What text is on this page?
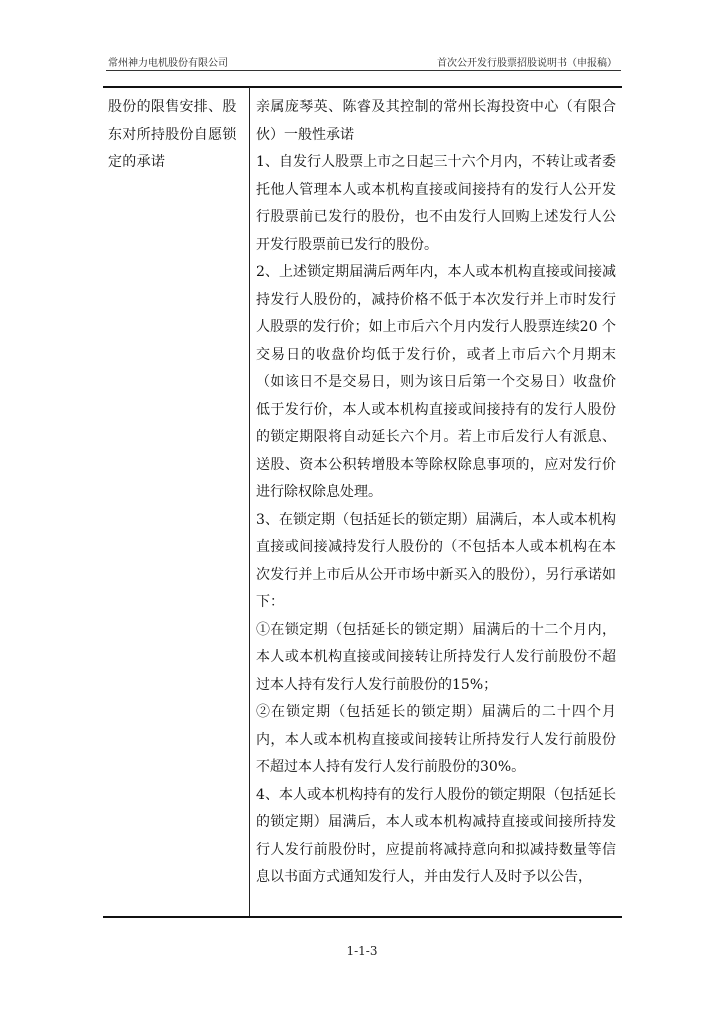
常州神力电机股份有限公司	首次公开发行股票招股说明书（申报稿）
股份的限售安排、股东对所持股份自愿锁定的承诺

亲属庞琴英、陈睿及其控制的常州长海投资中心（有限合伙）一般性承诺

1、自发行人股票上市之日起三十六个月内，不转让或者委托他人管理本人或本机构直接或间接持有的发行人公开发行股票前已发行的股份，也不由发行人回购上述发行人公开发行股票前已发行的股份。

2、上述锁定期届满后两年内，本人或本机构直接或间接减持发行人股份的，减持价格不低于本次发行并上市时发行人股票的发行价；如上市后六个月内发行人股票连续20 个交易日的收盘价均低于发行价，或者上市后六个月期末（如该日不是交易日，则为该日后第一个交易日）收盘价低于发行价，本人或本机构直接或间接持有的发行人股份的锁定期限将自动延长六个月。若上市后发行人有派息、送股、资本公积转增股本等除权除息事项的，应对发行价进行除权除息处理。

3、在锁定期（包括延长的锁定期）届满后，本人或本机构直接或间接减持发行人股份的（不包括本人或本机构在本次发行并上市后从公开市场中新买入的股份），另行承诺如下：

①在锁定期（包括延长的锁定期）届满后的十二个月内，本人或本机构直接或间接转让所持发行人发行前股份不超过本人持有发行人发行前股份的15%；

②在锁定期（包括延长的锁定期）届满后的二十四个月内，本人或本机构直接或间接转让所持发行人发行前股份不超过本人持有发行人发行前股份的30%。

4、本人或本机构持有的发行人股份的锁定期限（包括延长的锁定期）届满后，本人或本机构减持直接或间接所持发行人发行前股份时，应提前将减持意向和拟减持数量等信息以书面方式通知发行人，并由发行人及时予以公告，

1-1-3
